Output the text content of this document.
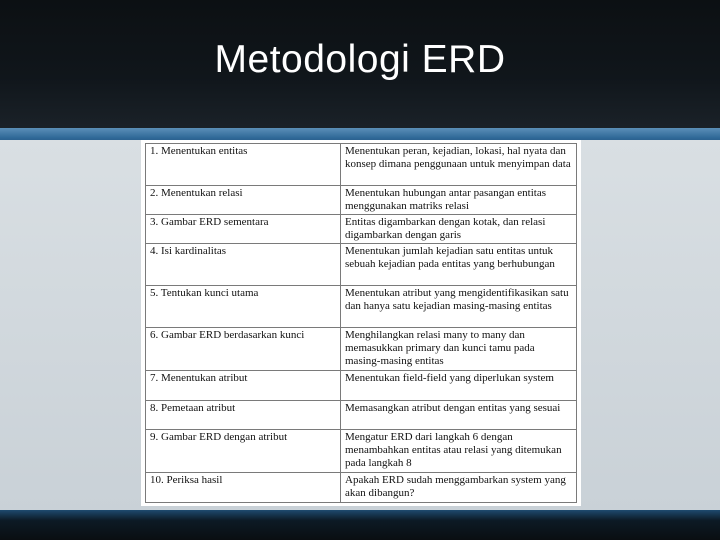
Metodologi ERD
1. Menentukan entitas	Menentukan peran, kejadian, lokasi, hal nyata dan konsep dimana penggunaan untuk menyimpan data
2. Menentukan relasi	Menentukan hubungan antar pasangan entitas menggunakan matriks relasi
3. Gambar ERD sementara	Entitas digambarkan dengan kotak, dan relasi digambarkan dengan garis
4. Isi kardinalitas	Menentukan jumlah kejadian satu entitas untuk sebuah kejadian pada entitas yang berhubungan
5. Tentukan kunci utama	Menentukan atribut yang mengidentifikasikan satu dan hanya satu kejadian masing-masing entitas
6. Gambar ERD berdasarkan kunci	Menghilangkan relasi many to many dan memasukkan primary dan kunci tamu pada masing-masing entitas
7. Menentukan atribut	Menentukan field-field yang diperlukan system
8. Pemetaan atribut	Memasangkan atribut dengan entitas yang sesuai
9. Gambar ERD dengan atribut	Mengatur ERD dari langkah 6 dengan menambahkan entitas atau relasi yang ditemukan pada langkah 8
10. Periksa hasil	Apakah ERD sudah menggambarkan system yang akan dibangun?
